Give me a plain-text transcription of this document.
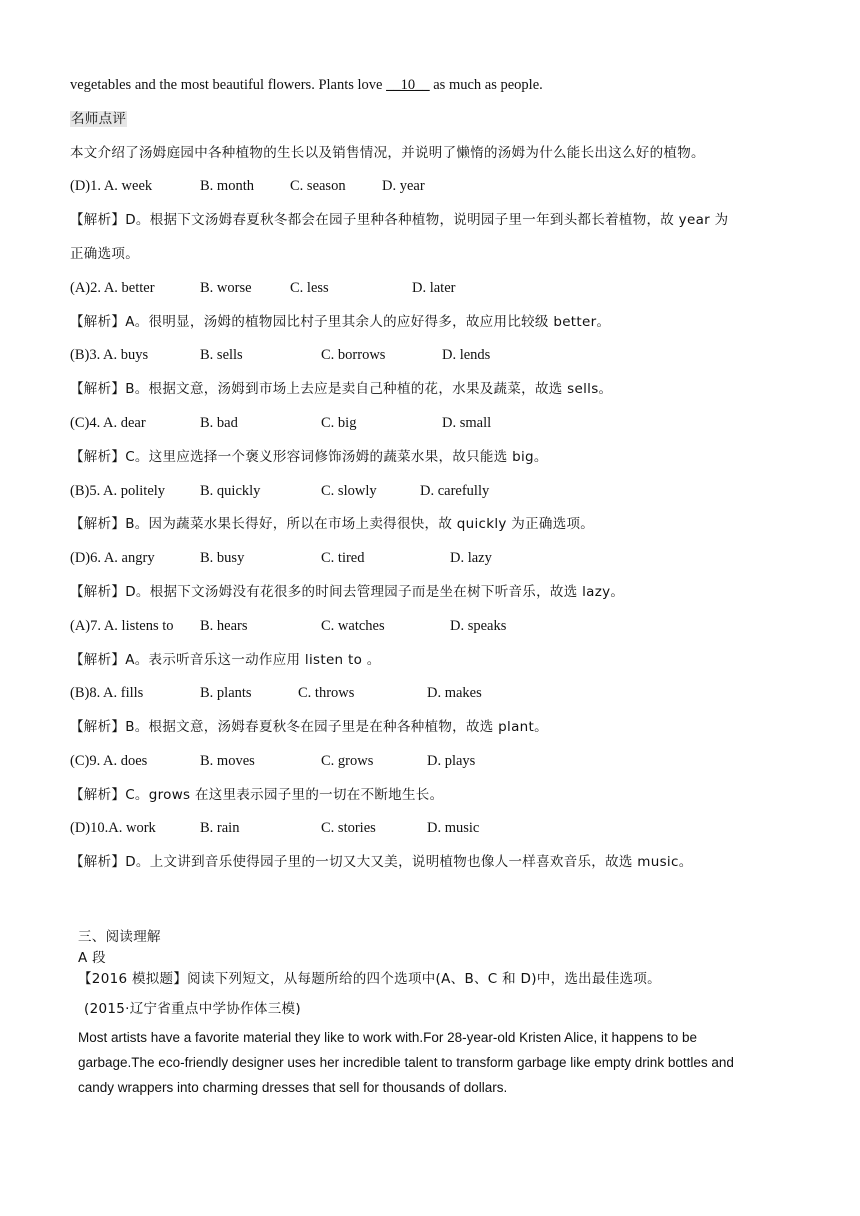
vegetables and the most beautiful flowers. Plants love __10__ as much as people.
名师点评
本文介绍了汤姆庭园中各种植物的生长以及销售情况，并说明了懒惰的汤姆为什么能长出这么好的植物。
(D)1. A. week	B. month C. season	D. year
【解析】D。根据下文汤姆春夏秋冬都会在园子里种各种植物，说明园子里一年到头都长着植物，故 year 为
正确选项。
(A)2. A. better	B. worse	C. less	D. later
【解析】A。很明显，汤姆的植物园比村子里其余人的应好得多，故应用比较级 better。
(B)3. A. buys	B. sells	C. borrows	D. lends
【解析】B。根据文意，汤姆到市场上去应是卖自己种植的花，水果及蔬菜，故选 sells。
(C)4. A. dear	B. bad	C. big	D. small
【解析】C。这里应选择一个褒义形容词修饰汤姆的蔬菜水果，故只能选 big。
(B)5. A. politely B. quickly	C. slowly	D. carefully
【解析】B。因为蔬菜水果长得好，所以在市场上卖得很快，故 quickly 为正确选项。
(D)6. A. angry	B. busy	C. tired	D. lazy
【解析】D。根据下文汤姆没有花很多的时间去管理园子而是坐在树下听音乐，故选 lazy。
(A)7. A. listens to B. hears	C. watches	D. speaks
【解析】A。表示听音乐这一动作应用 listen to 。
(B)8. A. fills	B. plants	C. throws	D. makes
【解析】B。根据文意，汤姆春夏秋冬在园子里是在种各种植物，故选 plant。
(C)9. A. does	B. moves	C. grows	D. plays
【解析】C。grows 在这里表示园子里的一切在不断地生长。
(D)10.A. work	B. rain	C. stories	D. music
【解析】D。上文讲到音乐使得园子里的一切又大又美，说明植物也像人一样喜欢音乐，故选 music。
三、阅读理解
A 段
【2016 模拟题】阅读下列短文，从每题所给的四个选项中(A、B、C 和 D)中，选出最佳选项。
(2015·辽宁省重点中学协作体三模)
Most artists have a favorite material they like to work with.For 28-year-old Kristen Alice, it happens to be
garbage.The eco-friendly designer uses her incredible talent to transform garbage like empty drink bottles and
candy wrappers into charming dresses that sell for thousands of dollars.
